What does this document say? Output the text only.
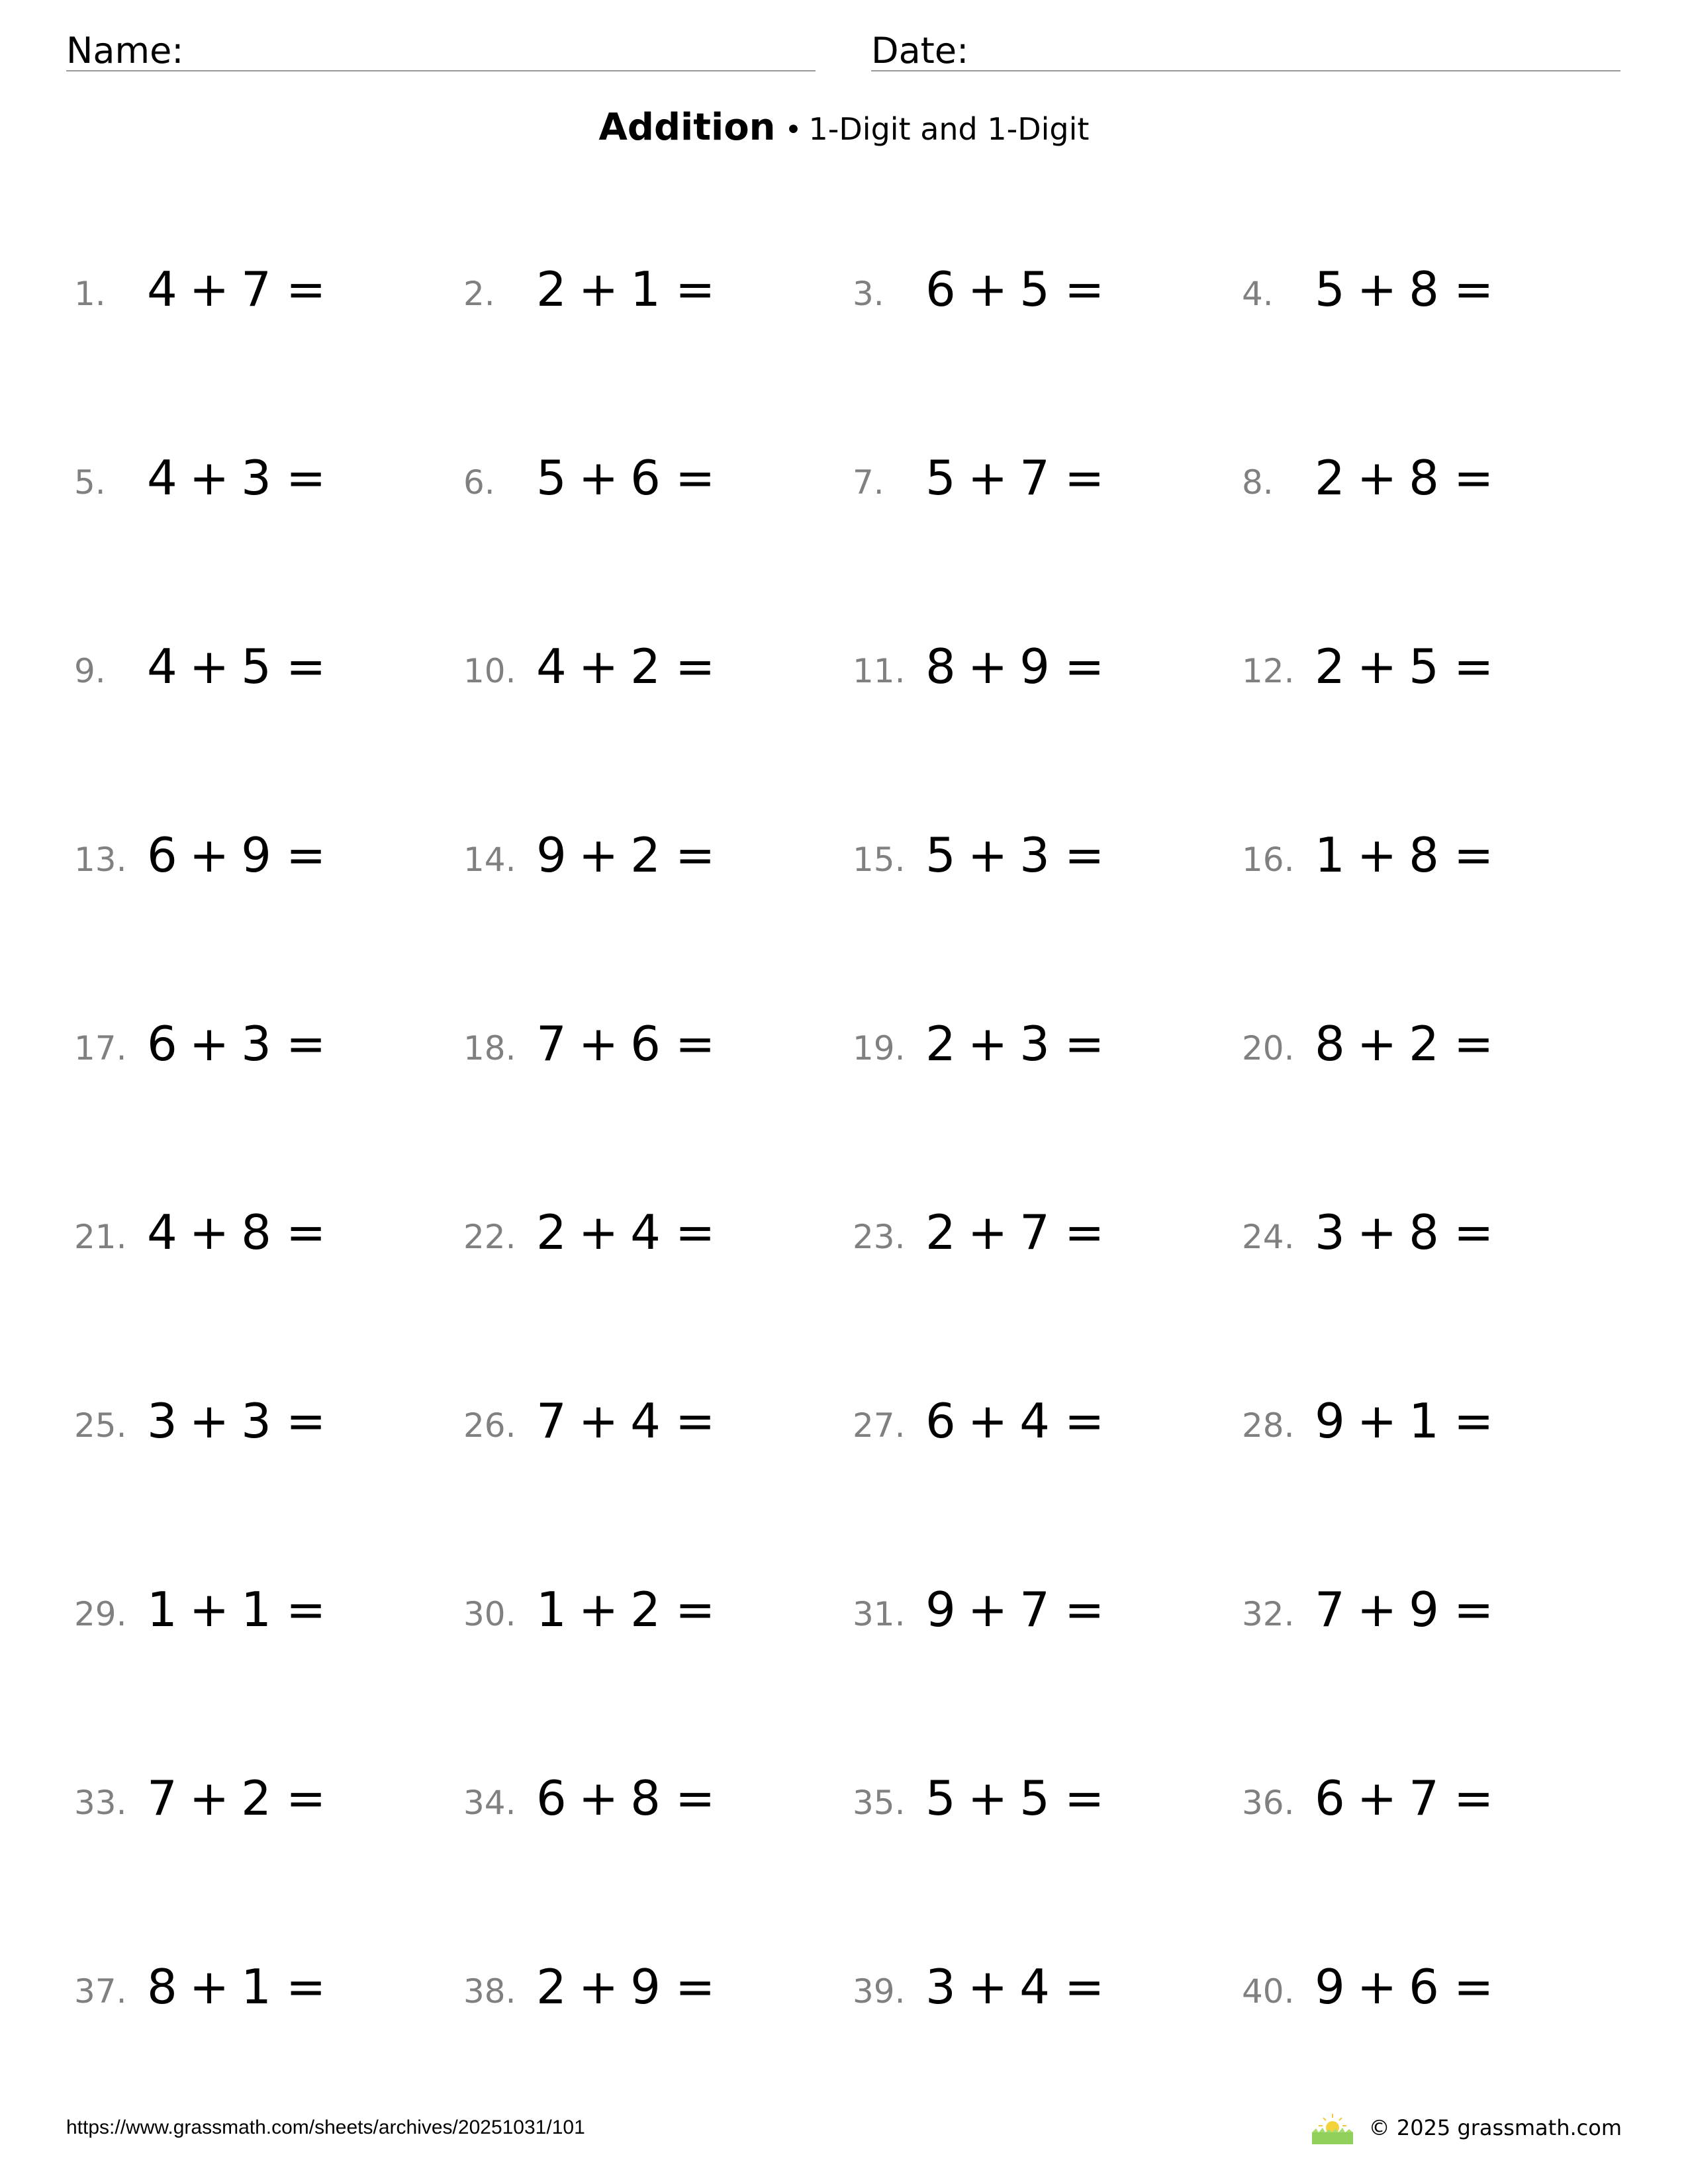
Name:	Date:
Addition • 1-Digit and 1-Digit
1. 4 + 7 =	2. 2 + 1 =	3. 6 + 5 =	4. 5 + 8 =
5. 4 + 3 =	6. 5 + 6 =	7. 5 + 7 =	8. 2 + 8 =
9. 4 + 5 =	10. 4 + 2 =	11. 8 + 9 =	12. 2 + 5 =
13. 6 + 9 =	14. 9 + 2 =	15. 5 + 3 =	16. 1 + 8 =
17. 6 + 3 =	18. 7 + 6 =	19. 2 + 3 =	20. 8 + 2 =
21. 4 + 8 =	22. 2 + 4 =	23. 2 + 7 =	24. 3 + 8 =
25. 3 + 3 =	26. 7 + 4 =	27. 6 + 4 =	28. 9 + 1 =
29. 1 + 1 =	30. 1 + 2 =	31. 9 + 7 =	32. 7 + 9 =
33. 7 + 2 =	34. 6 + 8 =	35. 5 + 5 =	36. 6 + 7 =
37. 8 + 1 =	38. 2 + 9 =	39. 3 + 4 =	40. 9 + 6 =
https://www.grassmath.com/sheets/archives/20251031/101	© 2025 grassmath.com
